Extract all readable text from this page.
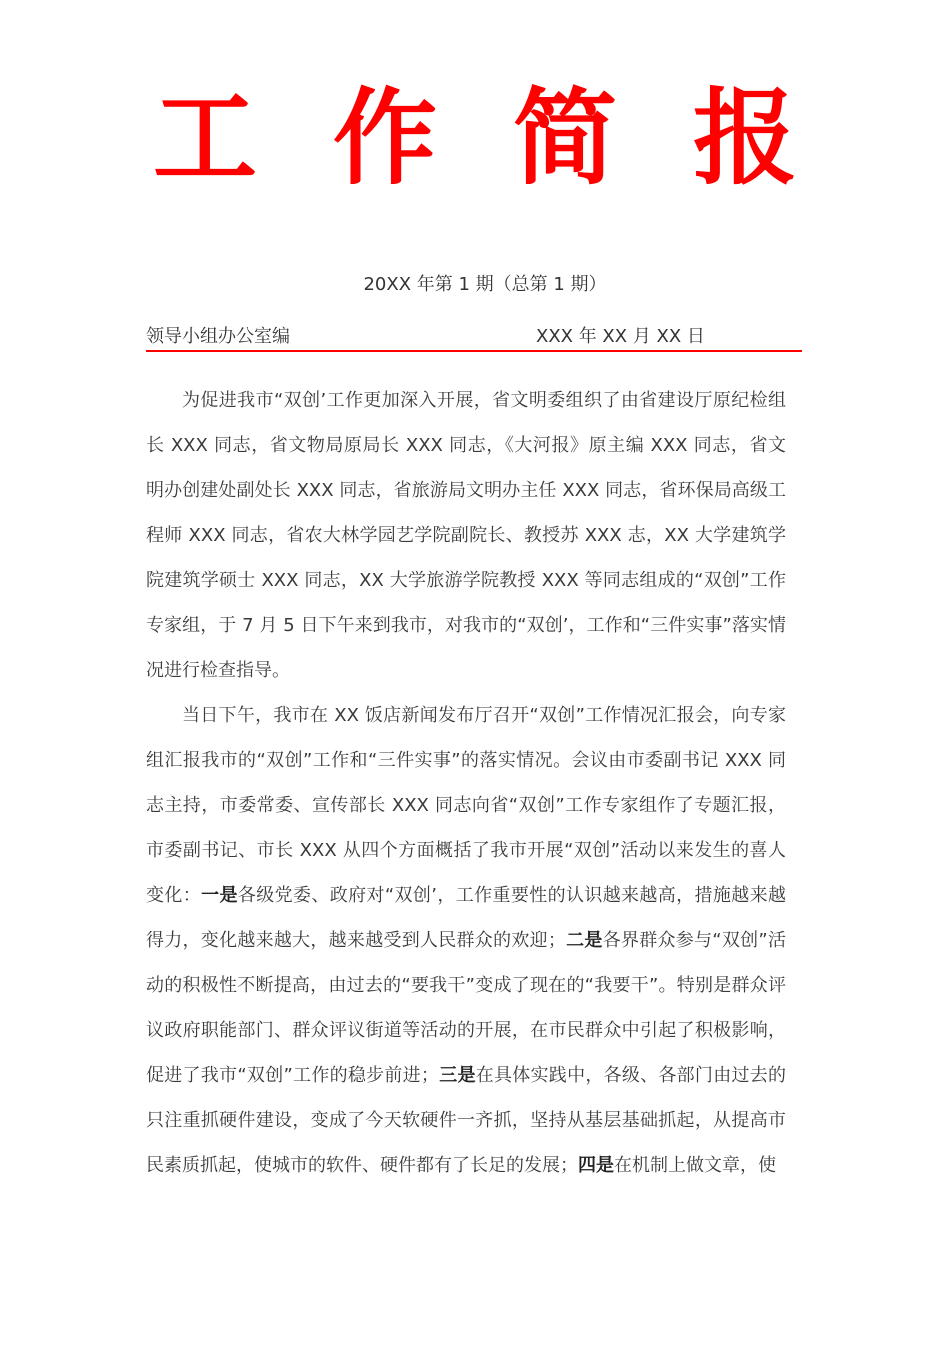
工 作 简 报
20XX 年第 1 期（总第 1 期）
领导小组办公室编	XXX 年 XX 月 XX 日

为促进我市“双创’工作更加深入开展，省文明委组织了由省建设厅原纪检组长 XXX 同志，省文物局原局长 XXX 同志，《大河报》原主编 XXX 同志，省文明办创建处副处长 XXX 同志，省旅游局文明办主任 XXX 同志，省环保局高级工程师 XXX 同志，省农大林学园艺学院副院长、教授苏 XXX 志，XX 大学建筑学院建筑学硕士 XXX 同志，XX 大学旅游学院教授 XXX 等同志组成的“双创”工作专家组，于 7 月 5 日下午来到我市，对我市的“双创’，工作和“三件实事”落实情况进行检查指导。

当日下午，我市在 XX 饭店新闻发布厅召开“双创”工作情况汇报会，向专家组汇报我市的“双创”工作和“三件实事”的落实情况。会议由市委副书记 XXX 同志主持，市委常委、宣传部长 XXX 同志向省“双创”工作专家组作了专题汇报，市委副书记、市长 XXX 从四个方面概括了我市开展“双创”活动以来发生的喜人变化：一是各级党委、政府对“双创’，工作重要性的认识越来越高，措施越来越得力，变化越来越大，越来越受到人民群众的欢迎；二是各界群众参与“双创”活动的积极性不断提高，由过去的“要我干”变成了现在的“我要干”。特别是群众评议政府职能部门、群众评议街道等活动的开展，在市民群众中引起了积极影响，促进了我市“双创”工作的稳步前进；三是在具体实践中，各级、各部门由过去的只注重抓硬件建设，变成了今天软硬件一齐抓，坚持从基层基础抓起，从提高市民素质抓起，使城市的软件、硬件都有了长足的发展；四是在机制上做文章，使
